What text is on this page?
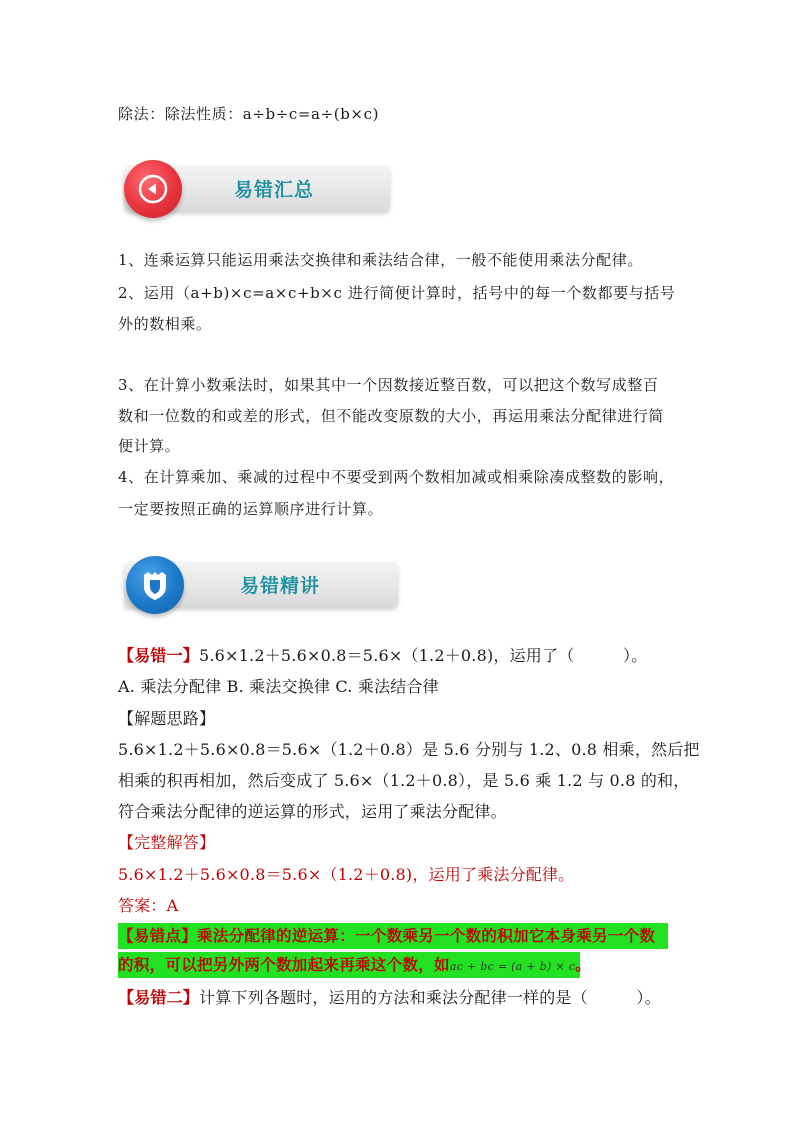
除法：除法性质：a÷b÷c=a÷(b×c)
易错汇总
1、连乘运算只能运用乘法交换律和乘法结合律，一般不能使用乘法分配律。
2、运用（a+b)×c=a×c+b×c 进行简便计算时，括号中的每一个数都要与括号
外的数相乘。
3、在计算小数乘法时，如果其中一个因数接近整百数，可以把这个数写成整百
数和一位数的和或差的形式，但不能改变原数的大小，再运用乘法分配律进行简
便计算。
4、在计算乘加、乘减的过程中不要受到两个数相加减或相乘除凑成整数的影响，
一定要按照正确的运算顺序进行计算。
易错精讲
【易错一】5.6×1.2＋5.6×0.8＝5.6×（1.2＋0.8)，运用了（　　　）。
A. 乘法分配律 B. 乘法交换律 C. 乘法结合律
【解题思路】
5.6×1.2＋5.6×0.8＝5.6×（1.2＋0.8）是 5.6 分别与 1.2、0.8 相乘，然后把
相乘的积再相加，然后变成了 5.6×（1.2＋0.8），是 5.6 乘 1.2 与 0.8 的和，
符合乘法分配律的逆运算的形式，运用了乘法分配律。
【完整解答】
5.6×1.2＋5.6×0.8＝5.6×（1.2＋0.8)，运用了乘法分配律。
答案：A
【易错点】乘法分配律的逆运算：一个数乘另一个数的积加它本身乘另一个数
的积，可以把另外两个数加起来再乘这个数，如ac + bc = (a + b) × c。
【易错二】计算下列各题时，运用的方法和乘法分配律一样的是（　　　）。
